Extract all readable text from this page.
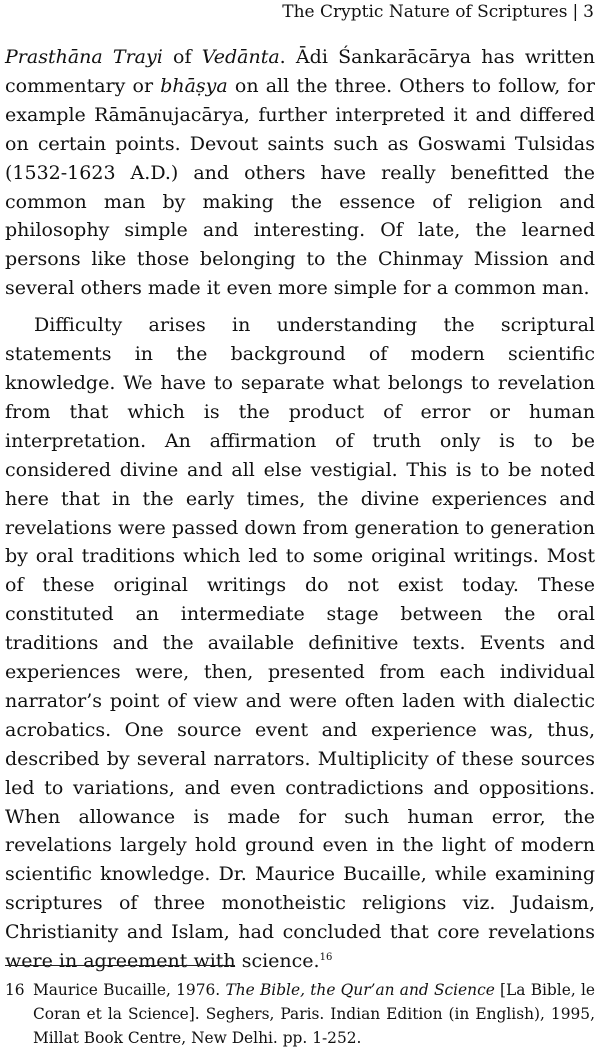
The Cryptic Nature of Scriptures | 3

Prasthāna Trayi of Vedānta. Ādi Śankarācārya has written commentary or bhāṣya on all the three. Others to follow, for example Rāmānujacārya, further interpreted it and differed on certain points. Devout saints such as Goswami Tulsidas (1532-1623 A.D.) and others have really benefitted the common man by making the essence of religion and philosophy simple and interesting. Of late, the learned persons like those belonging to the Chinmay Mission and several others made it even more simple for a common man.

Difficulty arises in understanding the scriptural statements in the background of modern scientific knowledge. We have to separate what belongs to revelation from that which is the product of error or human interpretation. An affirmation of truth only is to be considered divine and all else vestigial. This is to be noted here that in the early times, the divine experiences and revelations were passed down from generation to generation by oral traditions which led to some original writings. Most of these original writings do not exist today. These constituted an intermediate stage between the oral traditions and the available definitive texts. Events and experiences were, then, presented from each individual narrator’s point of view and were often laden with dialectic acrobatics. One source event and experience was, thus, described by several narrators. Multiplicity of these sources led to variations, and even contradictions and oppositions. When allowance is made for such human error, the revelations largely hold ground even in the light of modern scientific knowledge. Dr. Maurice Bucaille, while examining scriptures of three monotheistic religions viz. Judaism, Christianity and Islam, had concluded that core revelations were in agreement with science.$^{16}$

16 Maurice Bucaille, 1976. The Bible, the Qur’an and Science [La Bible, le Coran et la Science]. Seghers, Paris. Indian Edition (in English), 1995, Millat Book Centre, New Delhi. pp. 1-252.
